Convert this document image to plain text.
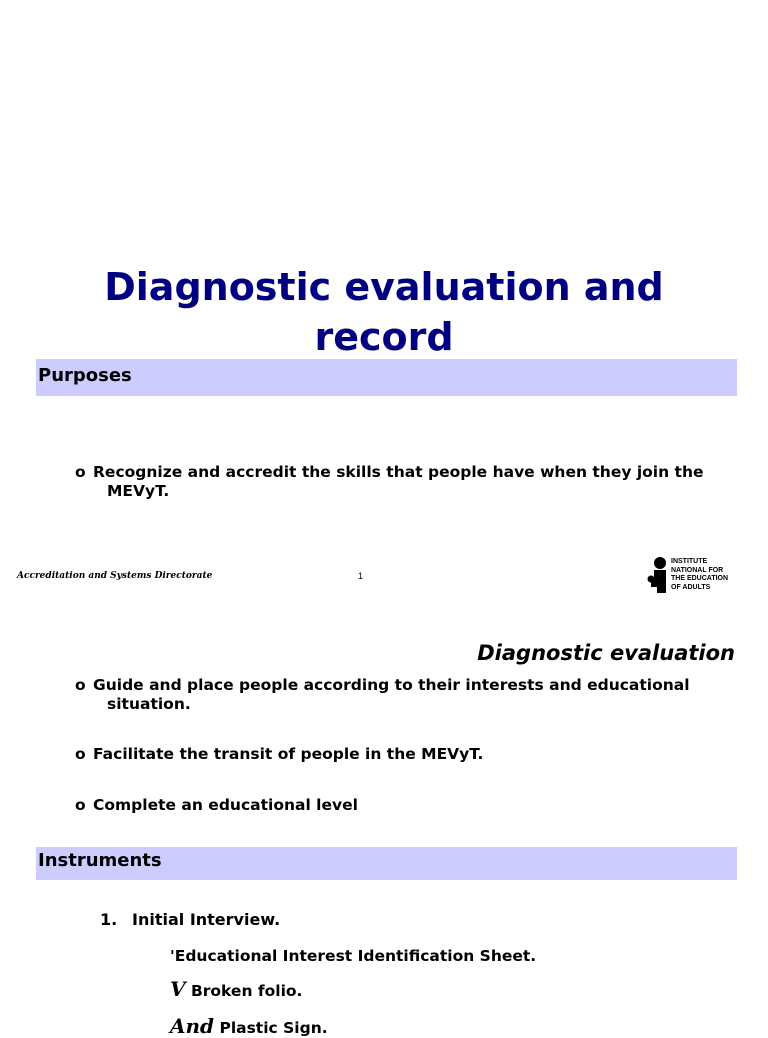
Diagnostic evaluation and
record
Purposes
o Recognize and accredit the skills that people have when they join the MEVyT.
Accreditation and Systems Directorate	1
INSTITUTE
NATIONAL FOR
THE EDUCATION
OF ADULTS
Diagnostic evaluation
o Guide and place people according to their interests and educational situation.
o Facilitate the transit of people in the MEVyT.
o Complete an educational level
Instruments
1. Initial Interview.
'Educational Interest Identification Sheet.
V Broken folio.
And Plastic Sign.
